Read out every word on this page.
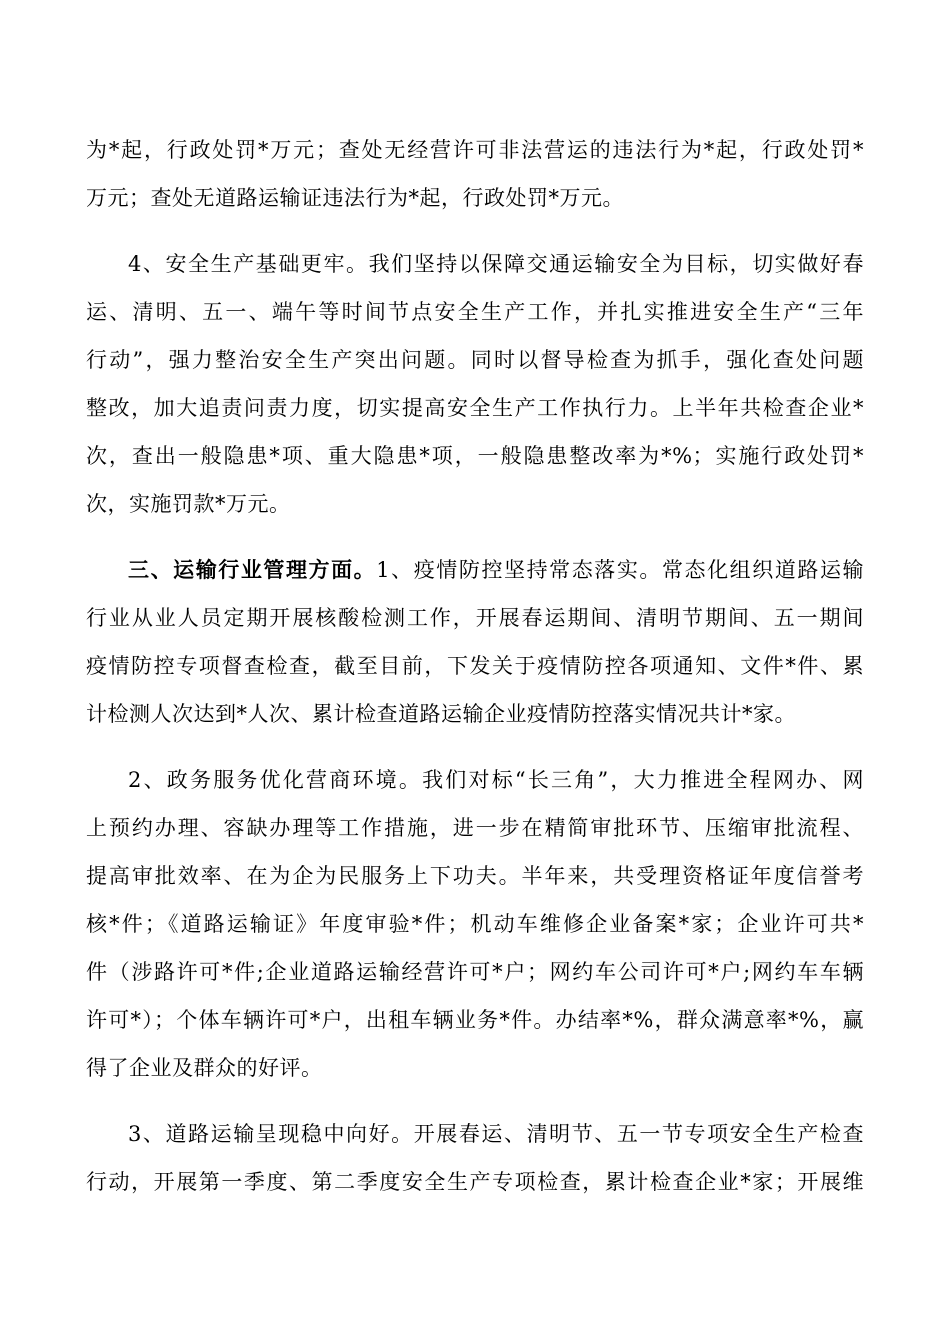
为*起，行政处罚*万元；查处无经营许可非法营运的违法行为*起，行政处罚*
万元；查处无道路运输证违法行为*起，行政处罚*万元。
4、安全生产基础更牢。我们坚持以保障交通运输安全为目标，切实做好春
运、清明、五一、端午等时间节点安全生产工作，并扎实推进安全生产“三年
行动”，强力整治安全生产突出问题。同时以督导检查为抓手，强化查处问题
整改，加大追责问责力度，切实提高安全生产工作执行力。上半年共检查企业*
次，查出一般隐患*项、重大隐患*项，一般隐患整改率为*%；实施行政处罚*
次，实施罚款*万元。
三、运输行业管理方面。1、疫情防控坚持常态落实。常态化组织道路运输
行业从业人员定期开展核酸检测工作，开展春运期间、清明节期间、五一期间
疫情防控专项督查检查，截至目前，下发关于疫情防控各项通知、文件*件、累
计检测人次达到*人次、累计检查道路运输企业疫情防控落实情况共计*家。
2、政务服务优化营商环境。我们对标“长三角”，大力推进全程网办、网
上预约办理、容缺办理等工作措施，进一步在精简审批环节、压缩审批流程、
提高审批效率、在为企为民服务上下功夫。半年来，共受理资格证年度信誉考
核*件；《道路运输证》年度审验*件；机动车维修企业备案*家；企业许可共*
件（涉路许可*件;企业道路运输经营许可*户；网约车公司许可*户;网约车车辆
许可*）；个体车辆许可*户，出租车辆业务*件。办结率*%，群众满意率*%，赢
得了企业及群众的好评。
3、道路运输呈现稳中向好。开展春运、清明节、五一节专项安全生产检查
行动，开展第一季度、第二季度安全生产专项检查，累计检查企业*家；开展维
